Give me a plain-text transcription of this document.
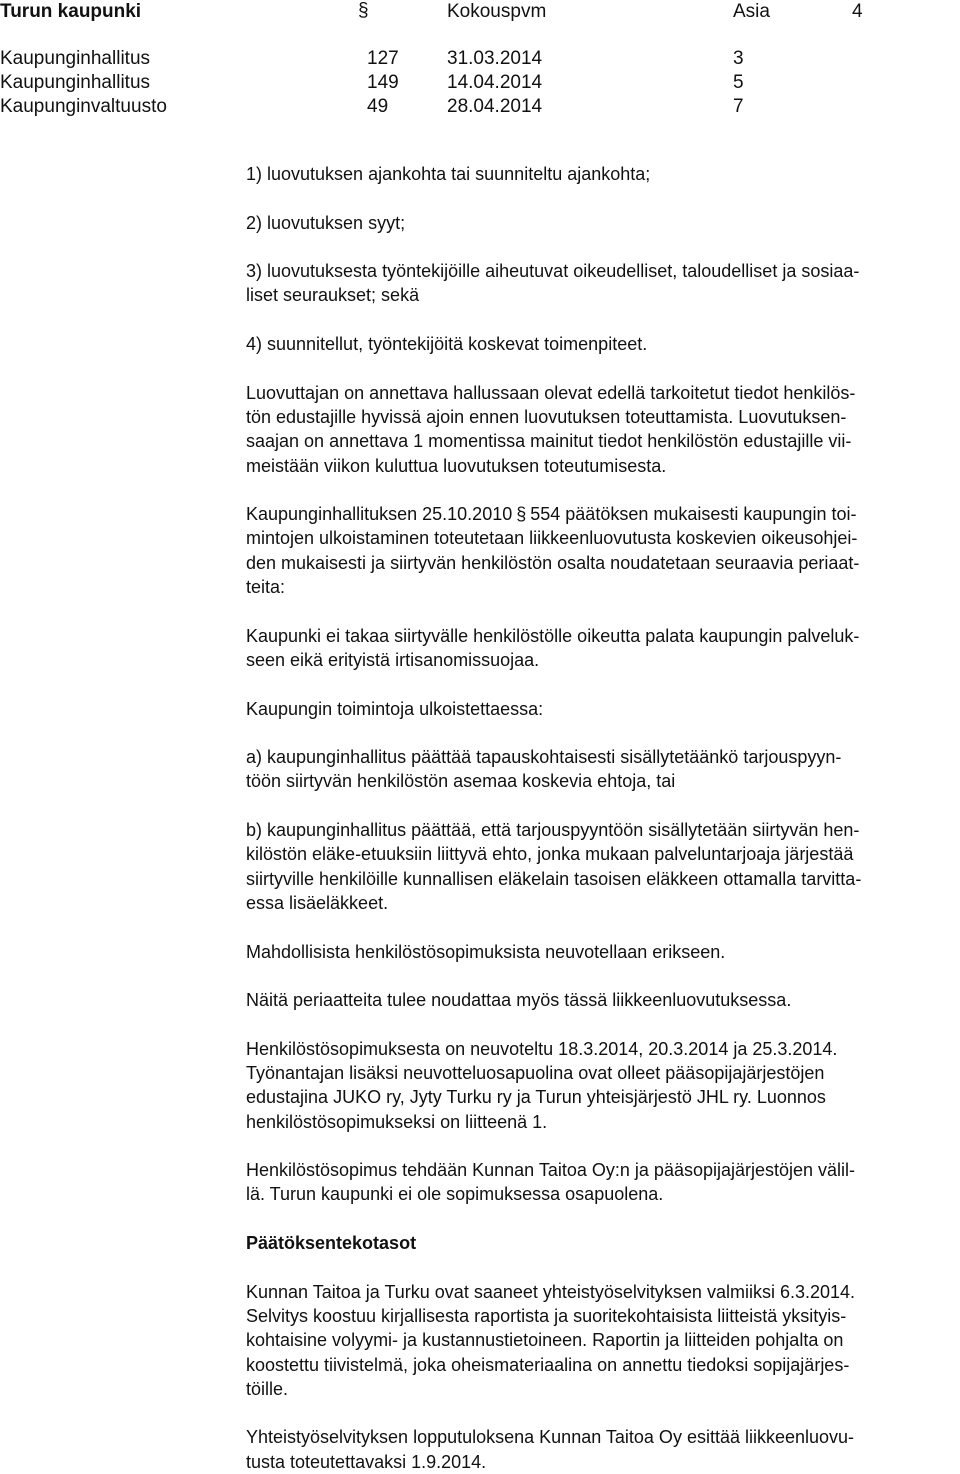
Turun kaupunki	§	Kokouspvm	Asia	4
Kaupunginhallitus	127	31.03.2014	3
Kaupunginhallitus	149	14.04.2014	5
Kaupunginvaltuusto	49	28.04.2014	7

1) luovutuksen ajankohta tai suunniteltu ajankohta;

2) luovutuksen syyt;

3) luovutuksesta työntekijöille aiheutuvat oikeudelliset, taloudelliset ja sosiaa-
liset seuraukset; sekä

4) suunnitellut, työntekijöitä koskevat toimenpiteet.

Luovuttajan on annettava hallussaan olevat edellä tarkoitetut tiedot henkilös-
tön edustajille hyvissä ajoin ennen luovutuksen toteuttamista. Luovutuksen-
saajan on annettava 1 momentissa mainitut tiedot henkilöstön edustajille vii-
meistään viikon kuluttua luovutuksen toteutumisesta.

Kaupunginhallituksen 25.10.2010 § 554 päätöksen mukaisesti kaupungin toi-
mintojen ulkoistaminen toteutetaan liikkeenluovutusta koskevien oikeusohjei-
den mukaisesti ja siirtyvän henkilöstön osalta noudatetaan seuraavia periaat-
teita:

Kaupunki ei takaa siirtyvälle henkilöstölle oikeutta palata kaupungin palveluk-
seen eikä erityistä irtisanomissuojaa.

Kaupungin toimintoja ulkoistettaessa:

a) kaupunginhallitus päättää tapauskohtaisesti sisällytetäänkö tarjouspyyn-
töön siirtyvän henkilöstön asemaa koskevia ehtoja, tai

b) kaupunginhallitus päättää, että tarjouspyyntöön sisällytetään siirtyvän hen-
kilöstön eläke-etuuksiin liittyvä ehto, jonka mukaan palveluntarjoaja järjestää
siirtyville henkilöille kunnallisen eläkelain tasoisen eläkkeen ottamalla tarvitta-
essa lisäeläkkeet.

Mahdollisista henkilöstösopimuksista neuvotellaan erikseen.

Näitä periaatteita tulee noudattaa myös tässä liikkeenluovutuksessa.

Henkilöstösopimuksesta on neuvoteltu 18.3.2014, 20.3.2014 ja 25.3.2014.
Työnantajan lisäksi neuvotteluosapuolina ovat olleet pääsopijajärjestöjen
edustajina JUKO ry, Jyty Turku ry ja Turun yhteisjärjestö JHL ry. Luonnos
henkilöstösopimukseksi on liitteenä 1.

Henkilöstösopimus tehdään Kunnan Taitoa Oy:n ja pääsopijajärjestöjen välil-
lä. Turun kaupunki ei ole sopimuksessa osapuolena.

Päätöksentekotasot

Kunnan Taitoa ja Turku ovat saaneet yhteistyöselvityksen valmiiksi 6.3.2014.
Selvitys koostuu kirjallisesta raportista ja suoritekohtaisista liitteistä yksityis-
kohtaisine volyymi- ja kustannustietoineen. Raportin ja liitteiden pohjalta on
koostettu tiivistelmä, joka oheismateriaalina on annettu tiedoksi sopijajärjes-
töille.

Yhteistyöselvityksen lopputuloksena Kunnan Taitoa Oy esittää liikkeenluovu-
tusta toteutettavaksi 1.9.2014.
